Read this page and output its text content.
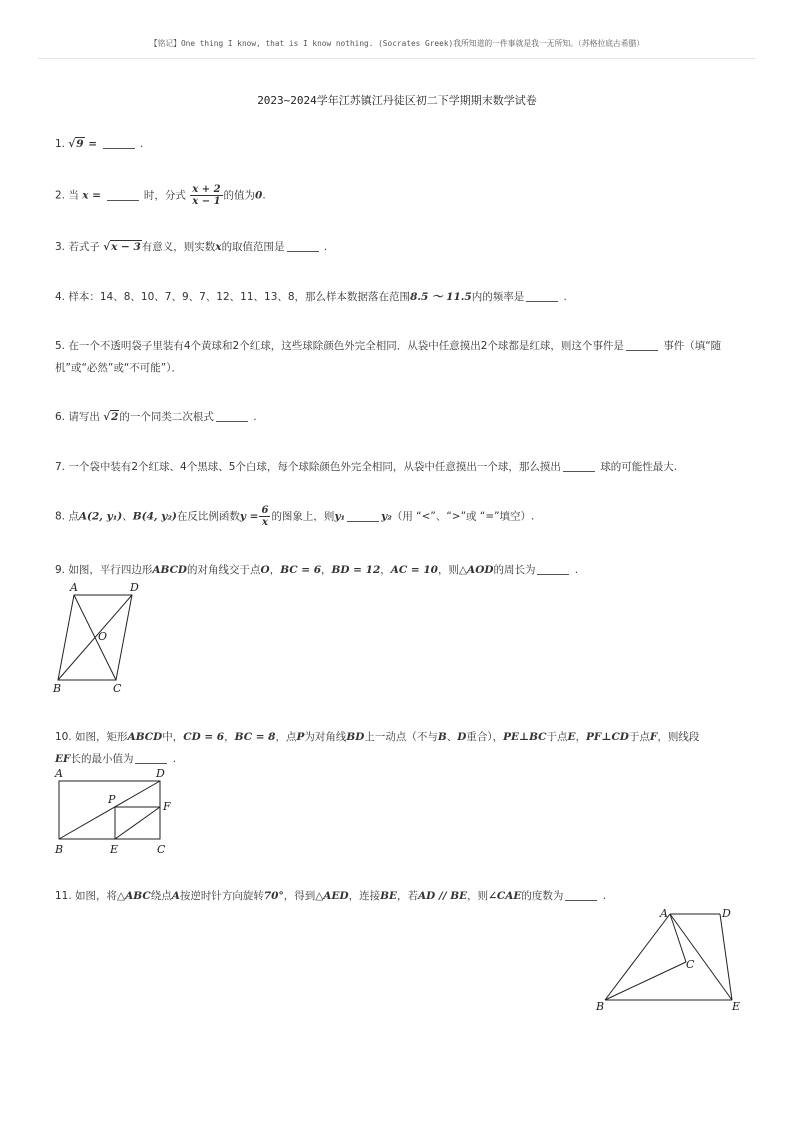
【铭记】One thing I know, that is I know nothing. (Socrates Greek)我所知道的一件事就是我一无所知。（苏格拉底古希腊）
2023~2024学年江苏镇江丹徒区初二下学期期末数学试卷
1. √9 =	.
2. 当 x =	时，分式 $\frac{x + 2}{x - 1}$ 的值为0.
3. 若式子 √x − 3有意义，则实数x的取值范围是	.
4. 样本：14、8、10、7、9、7、12、11、13、8，那么样本数据落在范围8.5 ～ 11.5内的频率是	.
5. 在一个不透明袋子里装有4个黄球和2个红球，这些球除颜色外完全相同．从袋中任意摸出2个球都是红球，则这个事件是	事件（填“随
机”或“必然”或“不可能”）．
6. 请写出 √2的一个同类二次根式	.
7. 一个袋中装有2个红球、4个黑球、5个白球，每个球除颜色外完全相同，从袋中任意摸出一个球，那么摸出	球的可能性最大.
8. 点A(2, y₁)、B(4, y₂)在反比例函数$y = \frac{6}{x}$ 的图象上，则y₁	y₂（用 “<”、“>”或 “=”填空）.
9. 如图，平行四边形ABCD的对角线交于点O，BC = 6，BD = 12，AC = 10，则△AOD的周长为	.
A	D
B	C
O
10. 如图，矩形ABCD中，CD = 6，BC = 8，点P为对角线BD上一动点（不与B、D重合），PE⊥BC于点E，PF⊥CD于点F，则线段
EF长的最小值为	.
A	D
B	C
P
E
F
11. 如图，将△ABC绕点A按逆时针方向旋转70°，得到△AED，连接BE，若AD // BE，则∠CAE的度数为	.
A	D
C
B	E
